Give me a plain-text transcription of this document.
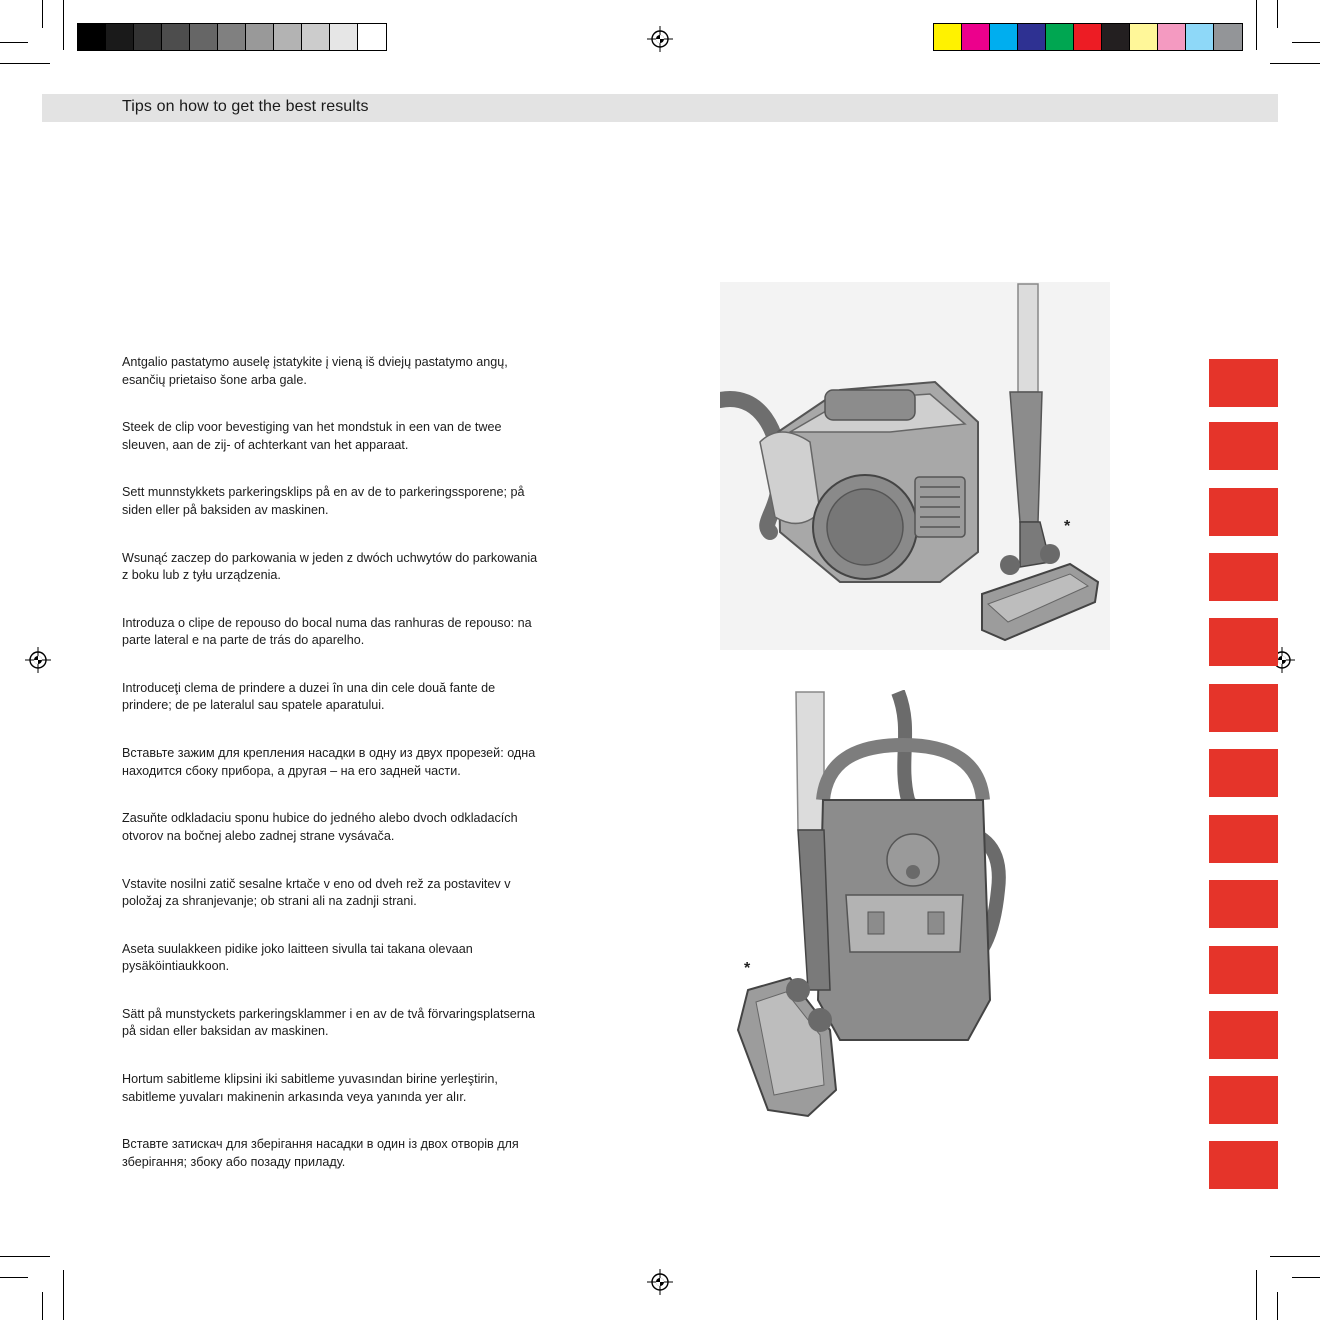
Tips on how to get the best results
Antgalio pastatymo auselę įstatykite į vieną iš dviejų pastatymo angų,
esančių prietaiso šone arba gale.
Steek de clip voor bevestiging van het mondstuk in een van de twee
sleuven, aan de zij- of achterkant van het apparaat.
Sett munnstykkets parkeringsklips på en av de to parkeringssporene; på
siden eller på baksiden av maskinen.
Wsunąć zaczep do parkowania w jeden z dwóch uchwytów do parkowania
z boku lub z tyłu urządzenia.
Introduza o clipe de repouso do bocal numa das ranhuras de repouso: na
parte lateral e na parte de trás do aparelho.
Introduceţi clema de prindere a duzei în una din cele două fante de
prindere; de pe lateralul sau spatele aparatului.
Вставьте зажим для крепления насадки в одну из двух прорезей: одна
находится сбоку прибора, а другая – на его задней части.
Zasuňte odkladaciu sponu hubice do jedného alebo dvoch odkladacích
otvorov na bočnej alebo zadnej strane vysávača.
Vstavite nosilni zatič sesalne krtače v eno od dveh rež za postavitev v
položaj za shranjevanje; ob strani ali na zadnji strani.
Aseta suulakkeen pidike joko laitteen sivulla tai takana olevaan
pysäköintiaukkoon.
Sätt på munstyckets parkeringsklammer i en av de två förvaringsplatserna
på sidan eller baksidan av maskinen.
Hortum sabitleme klipsini iki sabitleme yuvasından birine yerleştirin,
sabitleme yuvaları makinenin arkasında veya yanında yer alır.
Вставте затискач для зберігання насадки в один із двох отворів для
зберігання; збоку або позаду приладу.
*
*
